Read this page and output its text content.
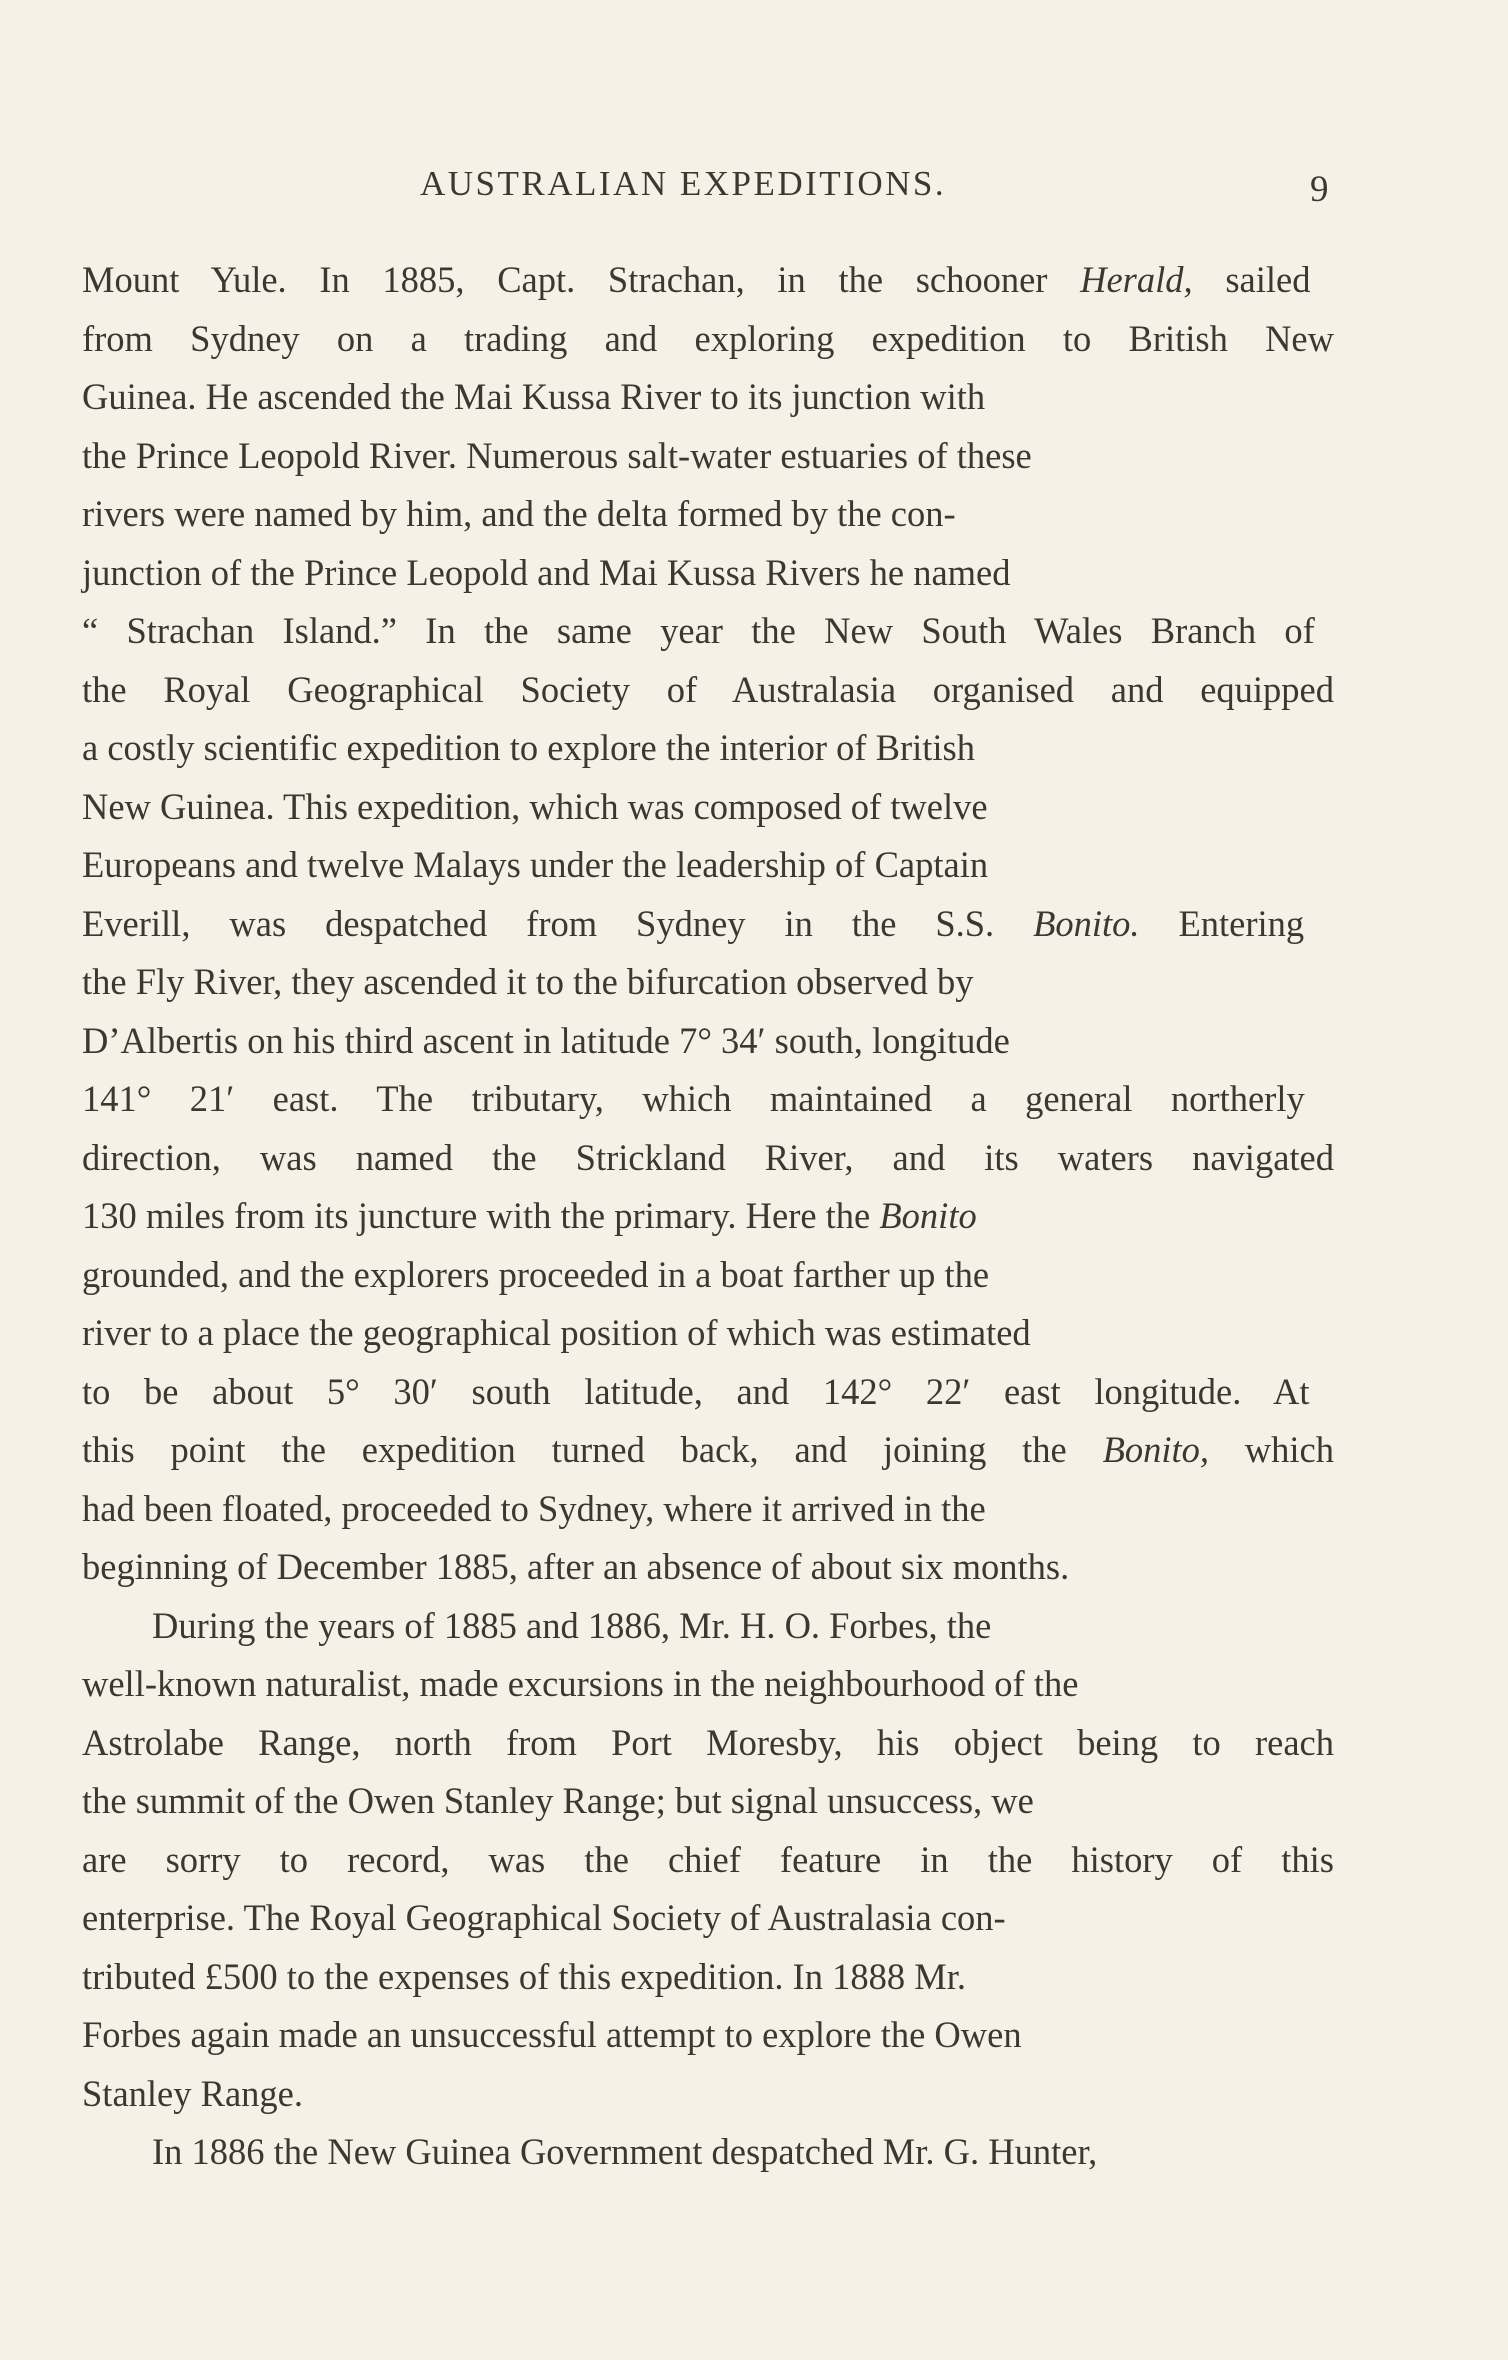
AUSTRALIAN EXPEDITIONS.	9
Mount Yule. In 1885, Capt. Strachan, in the schooner Herald, sailed
from Sydney on a trading and exploring expedition to British New
Guinea. He ascended the Mai Kussa River to its junction with
the Prince Leopold River. Numerous salt-water estuaries of these
rivers were named by him, and the delta formed by the con-
junction of the Prince Leopold and Mai Kussa Rivers he named
“ Strachan Island.” In the same year the New South Wales Branch of
the Royal Geographical Society of Australasia organised and equipped
a costly scientific expedition to explore the interior of British
New Guinea. This expedition, which was composed of twelve
Europeans and twelve Malays under the leadership of Captain
Everill, was despatched from Sydney in the S.S. Bonito. Entering
the Fly River, they ascended it to the bifurcation observed by
D’Albertis on his third ascent in latitude 7° 34′ south, longitude
141° 21′ east. The tributary, which maintained a general northerly
direction, was named the Strickland River, and its waters navigated
130 miles from its juncture with the primary. Here the Bonito
grounded, and the explorers proceeded in a boat farther up the
river to a place the geographical position of which was estimated
to be about 5° 30′ south latitude, and 142° 22′ east longitude. At
this point the expedition turned back, and joining the Bonito, which
had been floated, proceeded to Sydney, where it arrived in the
beginning of December 1885, after an absence of about six months.
During the years of 1885 and 1886, Mr. H. O. Forbes, the
well-known naturalist, made excursions in the neighbourhood of the
Astrolabe Range, north from Port Moresby, his object being to reach
the summit of the Owen Stanley Range; but signal unsuccess, we
are sorry to record, was the chief feature in the history of this
enterprise. The Royal Geographical Society of Australasia con-
tributed £500 to the expenses of this expedition. In 1888 Mr.
Forbes again made an unsuccessful attempt to explore the Owen
Stanley Range.
In 1886 the New Guinea Government despatched Mr. G. Hunter,
